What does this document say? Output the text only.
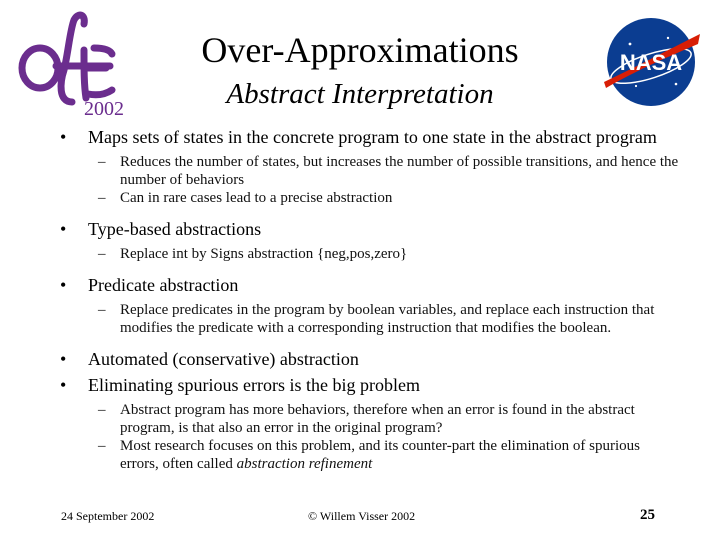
2002
Over-Approximations
Abstract Interpretation
NASA
• Maps sets of states in the concrete program to one state in the abstract program
– Reduces the number of states, but increases the number of possible transitions, and hence the number of behaviors
– Can in rare cases lead to a precise abstraction
• Type-based abstractions
– Replace int by Signs abstraction {neg,pos,zero}
• Predicate abstraction
– Replace predicates in the program by boolean variables, and replace each instruction that modifies the predicate with a corresponding instruction that modifies the boolean.
• Automated (conservative) abstraction
• Eliminating spurious errors is the big problem
– Abstract program has more behaviors, therefore when an error is found in the abstract program, is that also an error in the original program?
– Most research focuses on this problem, and its counter-part the elimination of spurious errors, often called abstraction refinement
24 September 2002	© Willem Visser 2002	25
